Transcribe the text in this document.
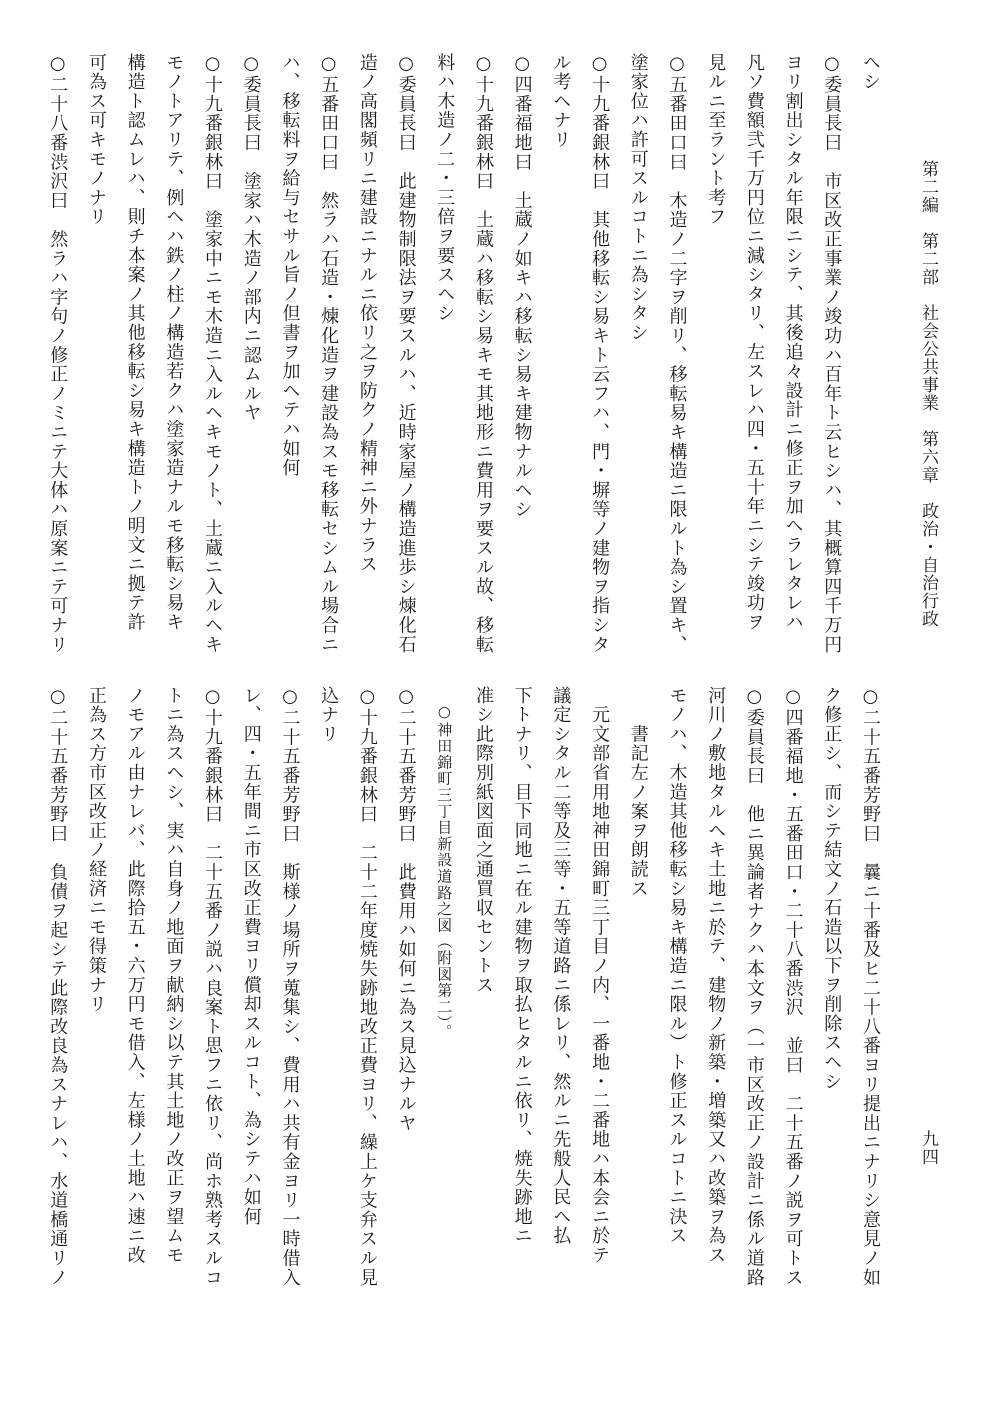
第二編　第二部　社会公共事業　第六章　政治・自治行政
九四
ヘシ
○委員長曰　市区改正事業ノ竣功ハ百年ト云ヒシハ、其概算四千万円
ヨリ割出シタル年限ニシテ、其後追々設計ニ修正ヲ加ヘラレタレハ
凡ソ費額弐千万円位ニ減シタリ、左スレハ四・五十年ニシテ竣功ヲ
見ルニ至ラント考フ
○五番田口曰　木造ノ二字ヲ削リ、移転易キ構造ニ限ルト為シ置キ、
塗家位ハ許可スルコトニ為シタシ
○十九番銀林曰　其他移転シ易キト云フハ、門・塀等ノ建物ヲ指シタ
ル考ヘナリ
○四番福地曰　土蔵ノ如キハ移転シ易キ建物ナルヘシ
○十九番銀林曰　土蔵ハ移転シ易キモ其地形ニ費用ヲ要スル故、移転
料ハ木造ノ二・三倍ヲ要スヘシ
○委員長曰　此建物制限法ヲ要スルハ、近時家屋ノ構造進歩シ煉化石
造ノ高閣頻リニ建設ニナルニ依リ之ヲ防クノ精神ニ外ナラス
○五番田口曰　然ラハ石造・煉化造ヲ建設為スモ移転セシムル場合ニ
ハ、移転料ヲ給与セサル旨ノ但書ヲ加ヘテハ如何
○委員長曰　塗家ハ木造ノ部内ニ認ムルヤ
○十九番銀林曰　塗家中ニモ木造ニ入ルヘキモノト、土蔵ニ入ルヘキ
モノトアリテ、例ヘハ鉄ノ柱ノ構造若クハ塗家造ナルモ移転シ易キ
構造ト認ムレハ、則チ本案ノ其他移転シ易キ構造トノ明文ニ拠テ許
可為ス可キモノナリ
○二十八番渋沢曰　然ラハ字句ノ修正ノミニテ大体ハ原案ニテ可ナリ
○二十五番芳野曰　曩ニ十番及ヒ二十八番ヨリ提出ニナリシ意見ノ如
ク修正シ、而シテ結文ノ石造以下ヲ削除スヘシ
○四番福地・五番田口・二十八番渋沢　並曰　二十五番ノ説ヲ可トス
○委員長曰　他ニ異論者ナクハ本文ヲ（一市区改正ノ設計ニ係ル道路
河川ノ敷地タルヘキ土地ニ於テ、建物ノ新築・増築又ハ改築ヲ為ス
モノハ、木造其他移転シ易キ構造ニ限ル）ト修正スルコトニ決ス
　　書記左ノ案ヲ朗読ス
　元文部省用地神田錦町三丁目ノ内、一番地・二番地ハ本会ニ於テ
議定シタル二等及三等・五等道路ニ係レリ、然ルニ先般人民ヘ払
下トナリ、目下同地ニ在ル建物ヲ取払ヒタルニ依リ、焼失跡地ニ
准シ此際別紙図面之通買収セントス
　○神田錦町三丁目新設道路之図（附図第二）。
○二十五番芳野曰　此費用ハ如何ニ為ス見込ナルヤ
○十九番銀林曰　二十二年度焼失跡地改正費ヨリ、繰上ケ支弁スル見
込ナリ
○二十五番芳野曰　斯様ノ場所ヲ蒐集シ、費用ハ共有金ヨリ一時借入
レ、四・五年間ニ市区改正費ヨリ償却スルコト、為シテハ如何
○十九番銀林曰　二十五番ノ説ハ良案ト思フニ依リ、尚ホ熟考スルコ
トニ為スヘシ、実ハ自身ノ地面ヲ献納シ以テ其土地ノ改正ヲ望ムモ
ノモアル由ナレバ、此際拾五・六万円モ借入、左様ノ土地ハ速ニ改
正為ス方市区改正ノ経済ニモ得策ナリ
○二十五番芳野曰　負債ヲ起シテ此際改良為スナレハ、水道橋通リノ
